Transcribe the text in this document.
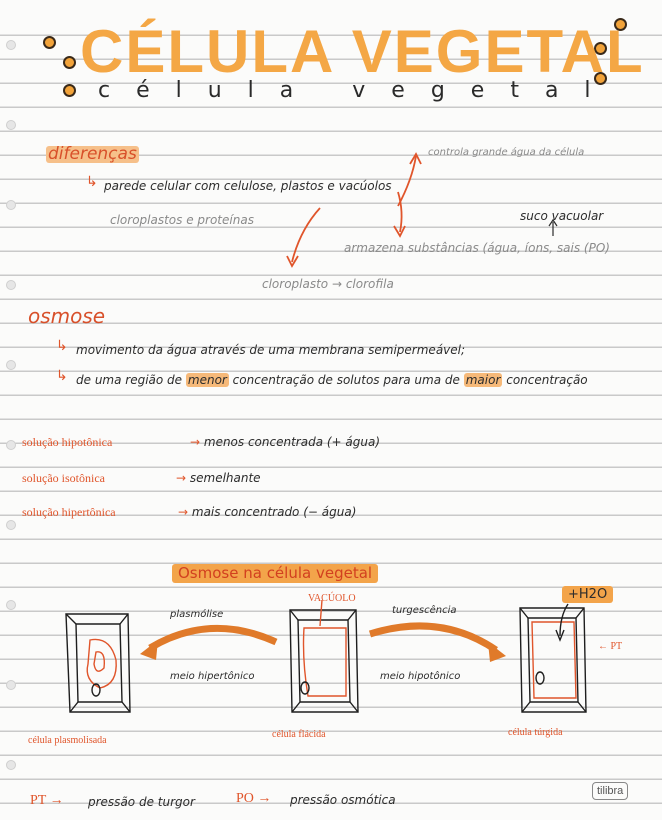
CÉLULA VEGETAL
célula vegetal
diferenças	controla grande água da célula
↳ parede celular com celulose, plastos e vacúolos
cloroplastos e proteínas	suco vacuolar
armazena substâncias (água, íons, sais (PO)
cloroplasto → clorofila
osmose
↳ movimento da água através de uma membrana semipermeável;
↳ de uma região de menor concentração de solutos para uma de maior concentração
solução hipotônica	→ menos concentrada (+ água)
solução isotônica	→ semelhante
solução hipertônica	→ mais concentrado (− água)
Osmose na célula vegetal
VACÚOLO
plasmólise	turgescência
meio hipertônico	meio hipotônico
+H2O
← PT
célula plasmolisada
célula flácida	célula túrgida
PT → pressão de turgor	PO → pressão osmótica
tilibra
